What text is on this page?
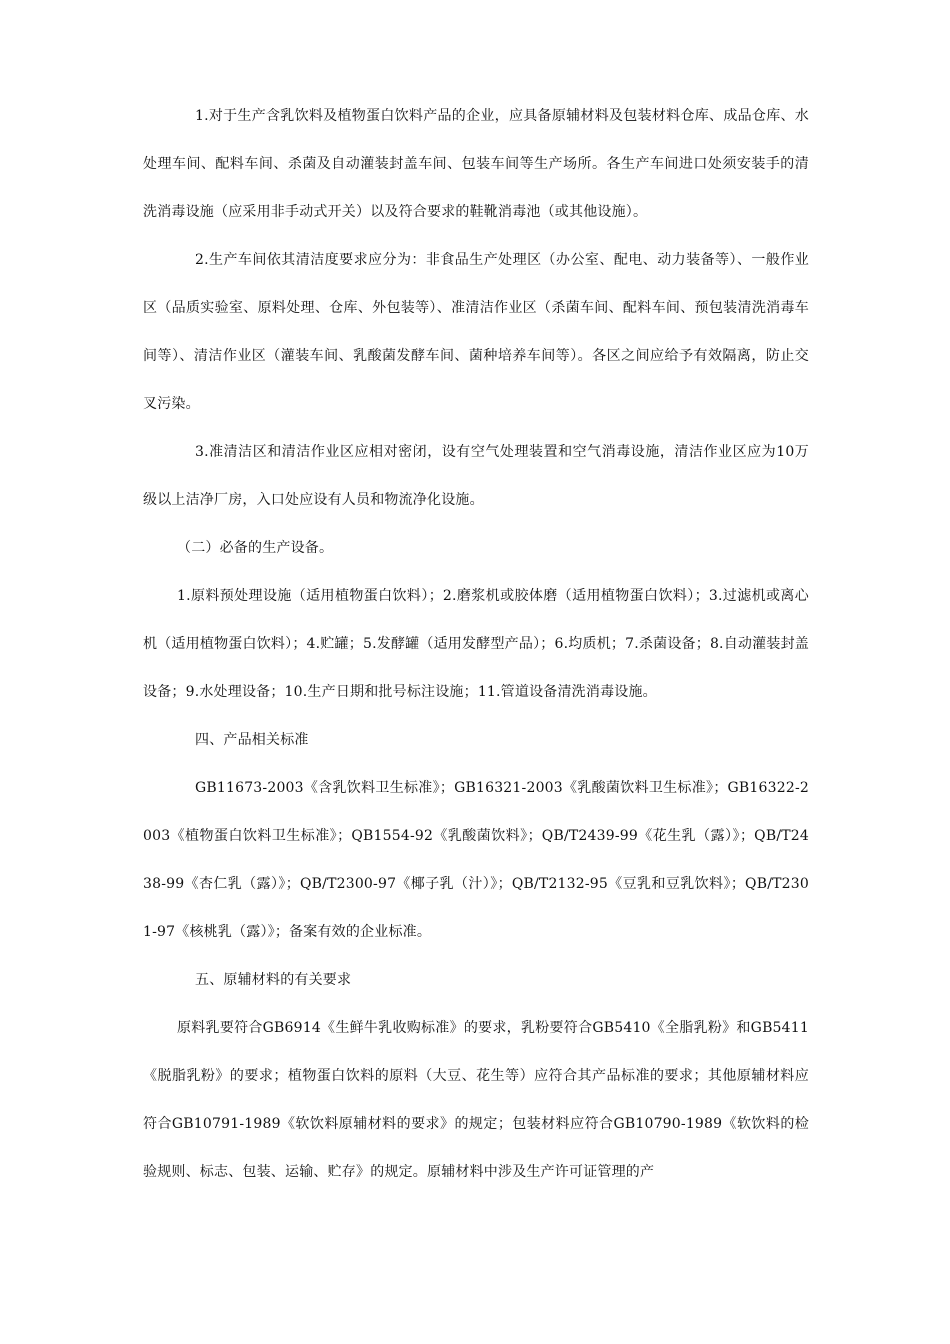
1.对于生产含乳饮料及植物蛋白饮料产品的企业，应具备原辅材料及包装材料仓库、成品仓库、水处理车间、配料车间、杀菌及自动灌装封盖车间、包装车间等生产场所。各生产车间进口处须安装手的清洗消毒设施（应采用非手动式开关）以及符合要求的鞋靴消毒池（或其他设施）。

2.生产车间依其清洁度要求应分为：非食品生产处理区（办公室、配电、动力装备等）、一般作业区（品质实验室、原料处理、仓库、外包装等）、准清洁作业区（杀菌车间、配料车间、预包装清洗消毒车间等）、清洁作业区（灌装车间、乳酸菌发酵车间、菌种培养车间等）。各区之间应给予有效隔离，防止交叉污染。

3.准清洁区和清洁作业区应相对密闭，设有空气处理装置和空气消毒设施，清洁作业区应为10万级以上洁净厂房，入口处应设有人员和物流净化设施。

（二）必备的生产设备。

1.原料预处理设施（适用植物蛋白饮料）；2.磨浆机或胶体磨（适用植物蛋白饮料）；3.过滤机或离心机（适用植物蛋白饮料）；4.贮罐；5.发酵罐（适用发酵型产品）；6.均质机；7.杀菌设备；8.自动灌装封盖设备；9.水处理设备；10.生产日期和批号标注设施；11.管道设备清洗消毒设施。

四、产品相关标准

GB11673-2003《含乳饮料卫生标准》；GB16321-2003《乳酸菌饮料卫生标准》；GB16322-2003《植物蛋白饮料卫生标准》；QB1554-92《乳酸菌饮料》；QB/T2439-99《花生乳（露）》；QB/T2438-99《杏仁乳（露）》；QB/T2300-97《椰子乳（汁）》；QB/T2132-95《豆乳和豆乳饮料》；QB/T2301-97《核桃乳（露）》；备案有效的企业标准。

五、原辅材料的有关要求

原料乳要符合GB6914《生鲜牛乳收购标准》的要求，乳粉要符合GB5410《全脂乳粉》和GB5411《脱脂乳粉》的要求；植物蛋白饮料的原料（大豆、花生等）应符合其产品标准的要求；其他原辅材料应符合GB10791-1989《软饮料原辅材料的要求》的规定；包装材料应符合GB10790-1989《软饮料的检验规则、标志、包装、运输、贮存》的规定。原辅材料中涉及生产许可证管理的产
